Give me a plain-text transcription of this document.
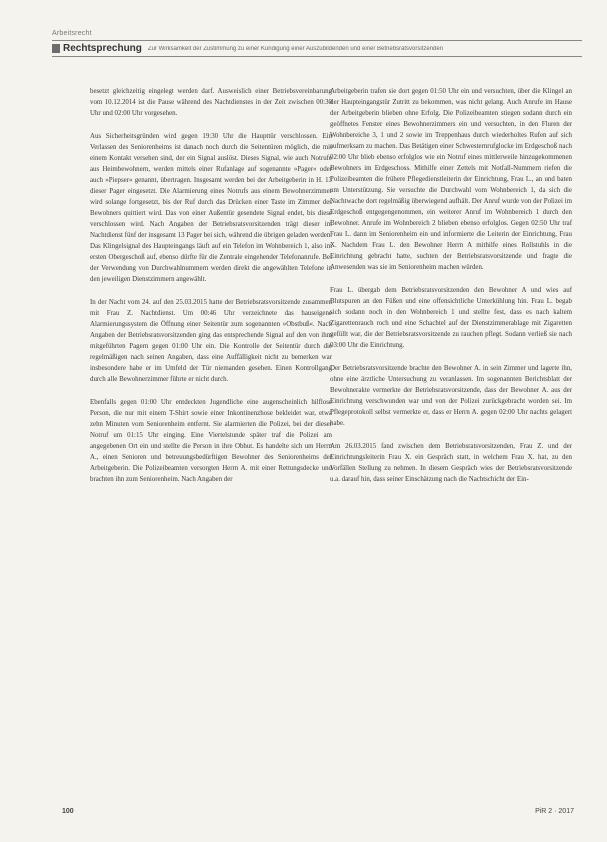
Arbeitsrecht
Rechtsprechung Zur Wirksamkeit der Zustimmung zu einer Kündigung einer Auszubildenden und einer Betriebsratsvorsitzenden

besetzt gleichzeitig eingelegt werden darf. Ausweislich einer Betriebsvereinbarung vom 10.12.2014 ist die Pause während des Nachtdienstes in der Zeit zwischen 00:30 Uhr und 02:00 Uhr vorgesehen.

Aus Sicherheitsgründen wird gegen 19:30 Uhr die Haupttür verschlossen. Ein Verlassen des Seniorenheims ist danach noch durch die Seitentüren möglich, die mit einem Kontakt versehen sind, der ein Signal auslöst. Dieses Signal, wie auch Notrufe aus Heimbewohnern, werden mittels einer Rufanlage auf sogenannte »Pager« oder auch »Piepser« genannt, übertragen. Insgesamt werden bei der Arbeitgeberin in H. 13 dieser Pager eingesetzt. Die Alarmierung eines Notrufs aus einem Bewohnerzimmer wird solange fortgesetzt, bis der Ruf durch das Drücken einer Taste im Zimmer des Bewohners quittiert wird. Das von einer Außentür gesendete Signal endet, bis diese verschlossen wird. Nach Angaben der Betriebsratsvorsitzenden trägt dieser im Nachtdienst fünf der insgesamt 13 Pager bei sich, während die übrigen geladen werden. Das Klingelsignal des Haupteingangs läuft auf ein Telefon im Wohnbereich 1, also im ersten Obergeschoß auf, ebenso dürfte für die Zentrale eingehender Telefonanrufe. Bei der Verwendung von Durchwahlnummern werden direkt die angewählten Telefone in den jeweiligen Dienstzimmern angewählt.

In der Nacht vom 24. auf den 25.03.2015 hatte der Betriebsratsvorsitzende zusammen mit Frau Z. Nachtdienst. Um 00:46 Uhr verzeichnete das hauseigene Alarmierungssystem die Öffnung einer Seitentür zum sogenannten »Obstbuß«. Nach Angaben der Betriebsratsvorsitzenden ging das entsprechende Signal auf den von ihm mitgeführten Pagern gegen 01:00 Uhr ein. Die Kontrolle der Seitentür durch die regelmäßigen nach seinen Angaben, dass eine Auffälligkeit nicht zu bemerken war insbesondere habe er im Umfeld der Tür niemanden gesehen. Einen Kontrollgang durch alle Bewohnerzimmer führte er nicht durch.

Ebenfalls gegen 01:00 Uhr entdeckten Jugendliche eine augenscheinlich hilflose Person, die nur mit einem T-Shirt sowie einer Inkontinenzhose bekleidet war, etwa zehn Minuten vom Seniorenheim entfernt. Sie alarmierten die Polizei, bei der dieser Notruf um 01:15 Uhr einging. Eine Viertelstunde später traf die Polizei am angegebenen Ort ein und stellte die Person in ihre Obhut. Es handelte sich um Herrn A., einen Senioren und betreuungsbedürftigen Bewohner des Seniorenheims der Arbeitgeberin. Die Polizeibeamten versorgten Herrn A. mit einer Rettungsdecke und brachten ihn zum Seniorenheim. Nach Angaben der

Arbeitgeberin trafen sie dort gegen 01:50 Uhr ein und versuchten, über die Klingel an der Haupteingangstür Zutritt zu bekommen, was nicht gelang. Auch Anrufe im Hause der Arbeitgeberin blieben ohne Erfolg. Die Polizeibeamten stiegen sodann durch ein geöffnetes Fenster eines Bewohnerzimmers ein und versuchten, in den Fluren der Wohnbereiche 3, 1 und 2 sowie im Treppenhaus durch wiederholtes Rufen auf sich aufmerksam zu machen. Das Betätigen einer Schwesternrufglocke im Erdgeschoß nach 02:00 Uhr blieb ebenso erfolglos wie ein Notruf eines mittlerweile hinzugekommenen Bewohners im Erdgeschoss. Mithilfe einer Zettels mit Notfall-Nummern riefen die Polizeibeamten die frühere Pflegedienstleiterin der Einrichtung, Frau L., an und baten um Unterstützung. Sie versuchte die Durchwahl vom Wohnbereich 1, da sich die Nachtwache dort regelmäßig überwiegend aufhält. Der Anruf wurde von der Polizei im Erdgeschoß entgegengenommen, ein weiterer Anruf im Wohnbereich 1 durch den Bewohner. Anrufe im Wohnbereich 2 blieben ebenso erfolglos. Gegen 02:50 Uhr traf Frau L. dann im Seniorenheim ein und informierte die Leiterin der Einrichtung, Frau X. Nachdem Frau L. den Bewohner Herrn A mithilfe eines Rollstuhls in die Einrichtung gebracht hatte, suchten der Betriebsratsvorsitzende und fragte die Anwesenden was sie im Seniorenheim machen würden.

Frau L. übergab dem Betriebsratsvorsitzenden den Bewohner A und wies auf Blutspuren an den Füßen und eine offensichtliche Unterkühlung hin. Frau L. begab sich sodann noch in den Wohnbereich 1 und stellte fest, dass es nach kaltem Zigarettenrauch roch und eine Schachtel auf der Dienstzimmerablage mit Zigaretten gefüllt war, die der Betriebsratsvorsitzende zu rauchen pflegt. Sodann verließ sie nach 03:00 Uhr die Einrichtung.

Der Betriebsratsvorsitzende brachte den Bewohner A. in sein Zimmer und lagerte ihn, ohne eine ärztliche Untersuchung zu veranlassen. Im sogenannten Berichtsblatt der Bewohnerakte vermerkte der Betriebsratsvorsitzende, dass der Bewohner A. aus der Einrichtung verschwunden war und von der Polizei zurückgebracht worden sei. Im Pflegeprotokoll selbst vermerkte er, dass er Herrn A. gegen 02:00 Uhr nachts gelagert habe.

Am 26.03.2015 fand zwischen dem Betriebsratsvorsitzenden, Frau Z. und der Einrichtungsleiterin Frau X. ein Gespräch statt, in welchem Frau X. hat, zu den Vorfällen Stellung zu nehmen. In diesem Gespräch wies der Betriebsratsvorsitzende u.a. darauf hin, dass seiner Einschätzung nach die Nachtschicht der Ein-

100	PiR 2 · 2017
